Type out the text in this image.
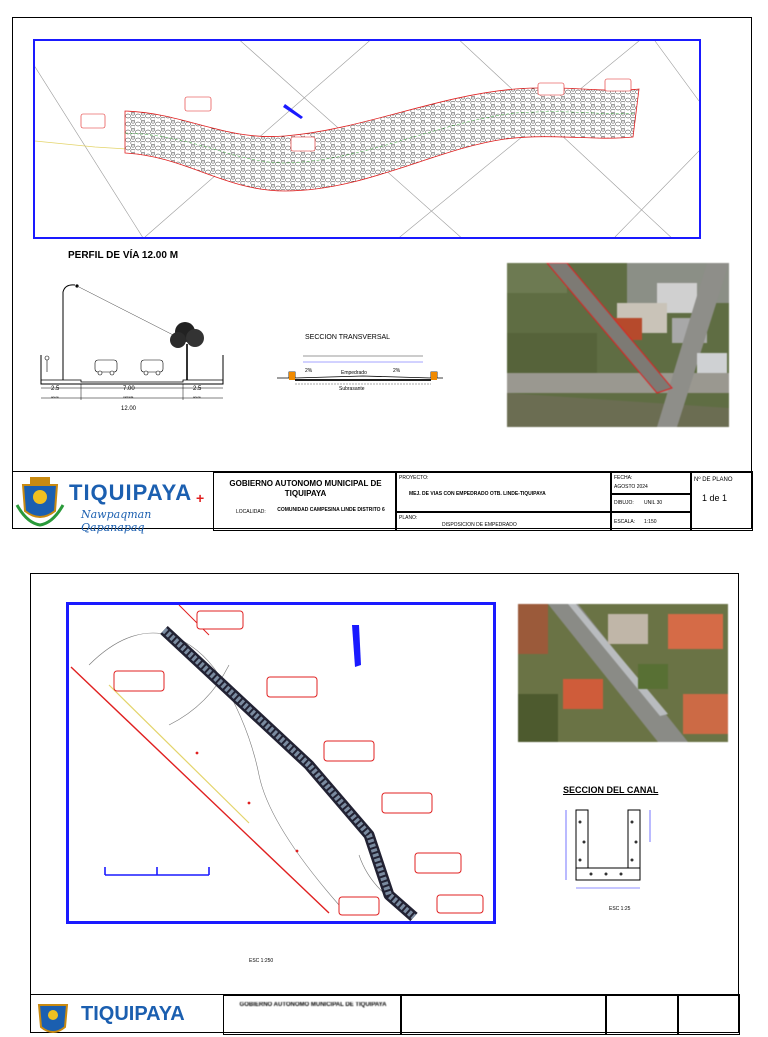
PERFIL DE VÍA 12.00 M
2.5	7.00	2.5
acera	calzada	acera
12.00
SECCION TRANSVERSAL
2%	2%
Empedrado
Subrasante
TIQUIPAYA
Nawpaqman Qapanapaq
+
GOBIERNO AUTONOMO MUNICIPAL DE TIQUIPAYA
LOCALIDAD: COMUNIDAD CAMPESINA LINDE DISTRITO 6
PROYECTO:
MEJ. DE VIAS CON EMPEDRADO OTB. LINDE-TIQUIPAYA
PLANO:
DISPOSICION DE EMPEDRADO
FECHA:
AGOSTO 2024
DIBUJO: UNIL 30
ESCALA: 1:150
Nº DE PLANO
1 de 1
SECCION DEL CANAL
ESC 1:25
ESC 1:250
TIQUIPAYA	GOBIERNO AUTONOMO MUNICIPAL DE TIQUIPAYA
